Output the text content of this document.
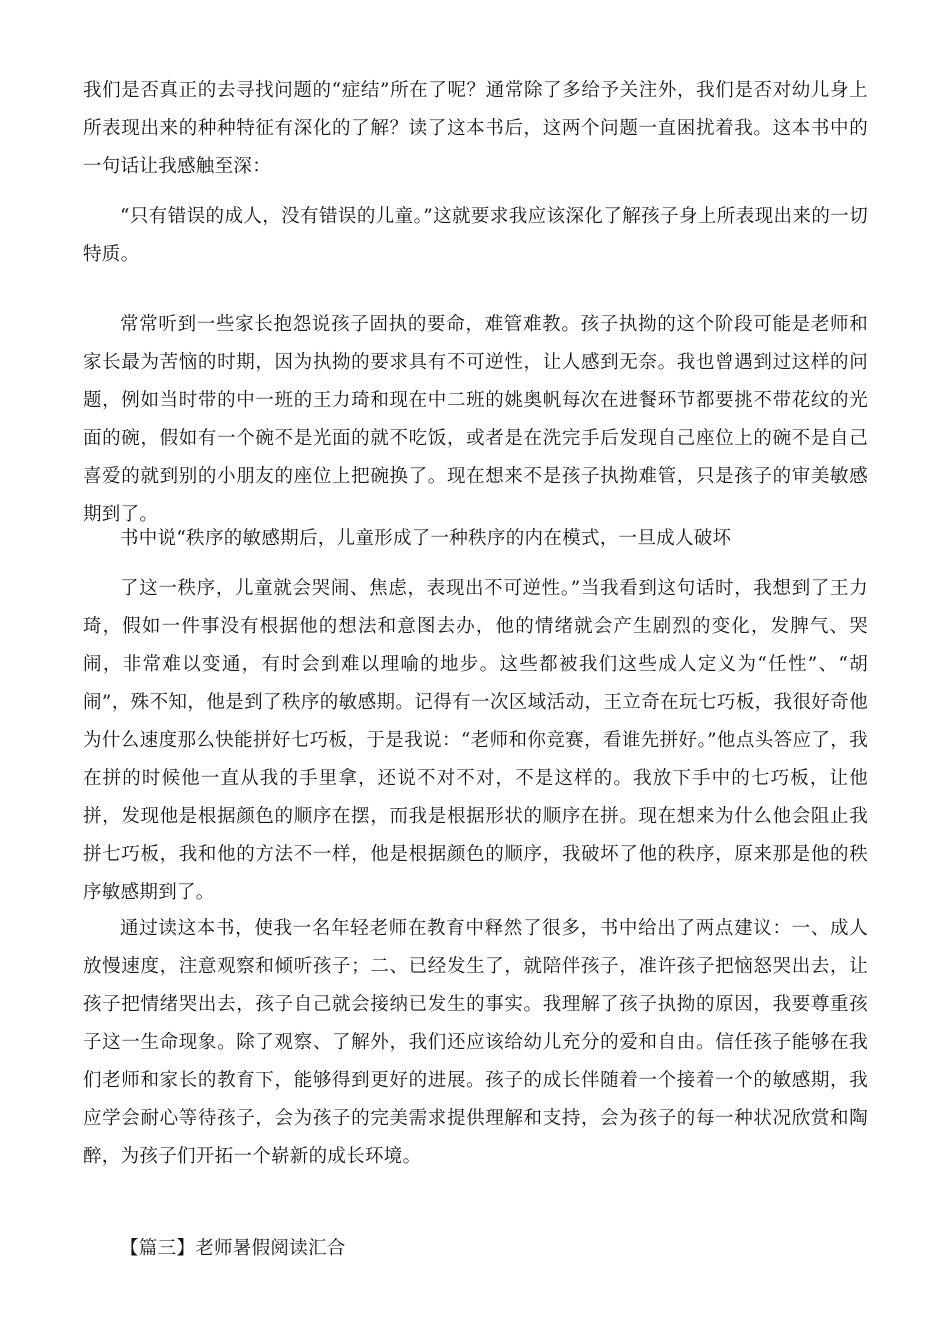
我们是否真正的去寻找问题的“症结”所在了呢？通常除了多给予关注外，我们是否对幼儿身上所表现出来的种种特征有深化的了解？读了这本书后，这两个问题一直困扰着我。这本书中的一句话让我感触至深：

“只有错误的成人，没有错误的儿童。”这就要求我应该深化了解孩子身上所表现出来的一切特质。

常常听到一些家长抱怨说孩子固执的要命，难管难教。孩子执拗的这个阶段可能是老师和家长最为苦恼的时期，因为执拗的要求具有不可逆性，让人感到无奈。我也曾遇到过这样的问题，例如当时带的中一班的王力琦和现在中二班的姚奥帆每次在进餐环节都要挑不带花纹的光面的碗，假如有一个碗不是光面的就不吃饭，或者是在洗完手后发现自己座位上的碗不是自己喜爱的就到别的小朋友的座位上把碗换了。现在想来不是孩子执拗难管，只是孩子的审美敏感期到了。

书中说“秩序的敏感期后，儿童形成了一种秩序的内在模式，一旦成人破坏

了这一秩序，儿童就会哭闹、焦虑，表现出不可逆性。”当我看到这句话时，我想到了王力琦，假如一件事没有根据他的想法和意图去办，他的情绪就会产生剧烈的变化，发脾气、哭闹，非常难以变通，有时会到难以理喻的地步。这些都被我们这些成人定义为“任性”、“胡闹”，殊不知，他是到了秩序的敏感期。记得有一次区域活动，王立奇在玩七巧板，我很好奇他为什么速度那么快能拼好七巧板，于是我说：“老师和你竞赛，看谁先拼好。”他点头答应了，我在拼的时候他一直从我的手里拿，还说不对不对，不是这样的。我放下手中的七巧板，让他拼，发现他是根据颜色的顺序在摆，而我是根据形状的顺序在拼。现在想来为什么他会阻止我拼七巧板，我和他的方法不一样，他是根据颜色的顺序，我破坏了他的秩序，原来那是他的秩序敏感期到了。

通过读这本书，使我一名年轻老师在教育中释然了很多，书中给出了两点建议：一、成人放慢速度，注意观察和倾听孩子；二、已经发生了，就陪伴孩子，准许孩子把恼怒哭出去，让孩子把情绪哭出去，孩子自己就会接纳已发生的事实。我理解了孩子执拗的原因，我要尊重孩子这一生命现象。除了观察、了解外，我们还应该给幼儿充分的爱和自由。信任孩子能够在我们老师和家长的教育下，能够得到更好的进展。孩子的成长伴随着一个接着一个的敏感期，我应学会耐心等待孩子，会为孩子的完美需求提供理解和支持，会为孩子的每一种状况欣赏和陶醉，为孩子们开拓一个崭新的成长环境。

【篇三】老师暑假阅读汇合
